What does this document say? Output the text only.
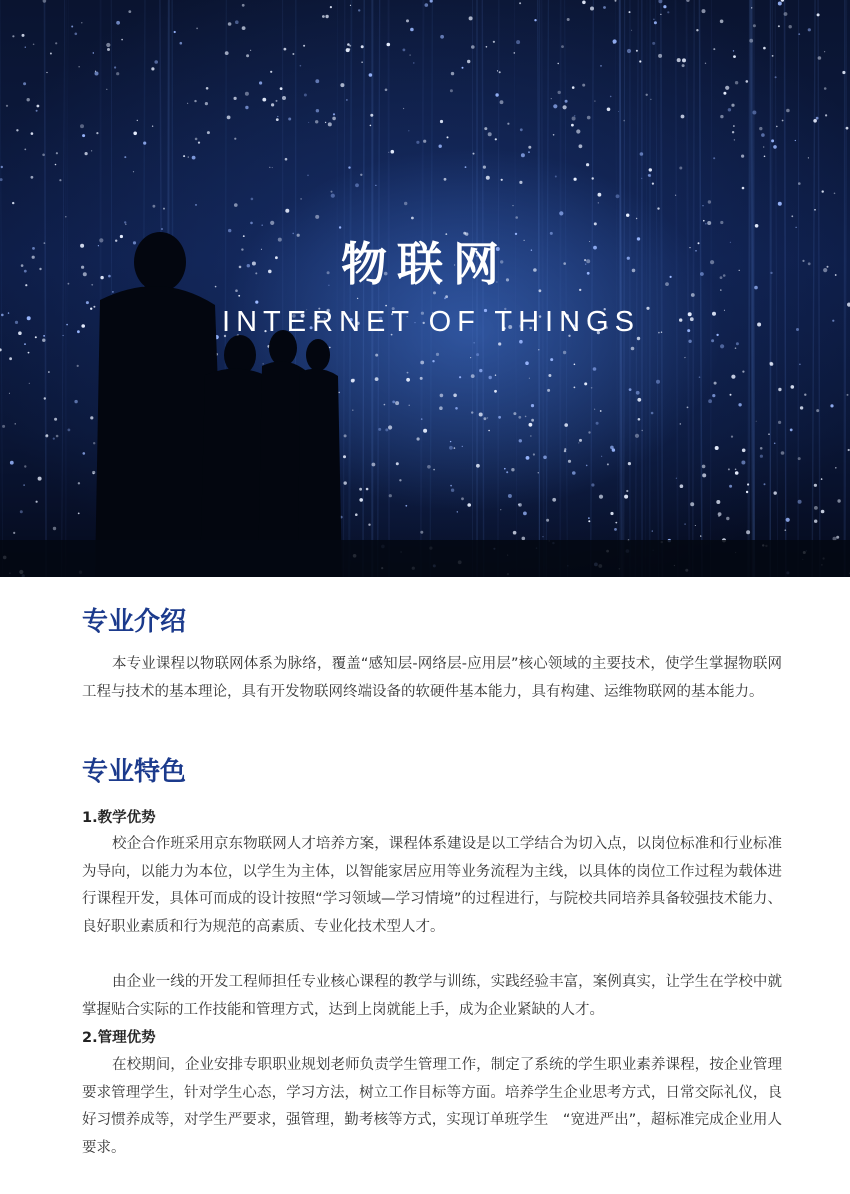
物联网
INTERNET OF THINGS
专业介绍

本专业课程以物联网体系为脉络，覆盖“感知层-网络层-应用层”核心领域的主要技术，使学生掌握物联网工程与技术的基本理论，具有开发物联网终端设备的软硬件基本能力，具有构建、运维物联网的基本能力。

专业特色
1.教学优势

校企合作班采用京东物联网人才培养方案，课程体系建设是以工学结合为切入点，以岗位标准和行业标准为导向，以能力为本位，以学生为主体，以智能家居应用等业务流程为主线，以具体的岗位工作过程为载体进行课程开发，具体可而成的设计按照“学习领域—学习情境”的过程进行，与院校共同培养具备较强技术能力、良好职业素质和行为规范的高素质、专业化技术型人才。

由企业一线的开发工程师担任专业核心课程的教学与训练，实践经验丰富，案例真实，让学生在学校中就掌握贴合实际的工作技能和管理方式，达到上岗就能上手，成为企业紧缺的人才。

2.管理优势

在校期间，企业安排专职职业规划老师负责学生管理工作，制定了系统的学生职业素养课程，按企业管理要求管理学生，针对学生心态，学习方法，树立工作目标等方面。培养学生企业思考方式，日常交际礼仪，良好习惯养成等，对学生严要求，强管理，勤考核等方式，实现订单班学生　“宽进严出”，超标准完成企业用人要求。
